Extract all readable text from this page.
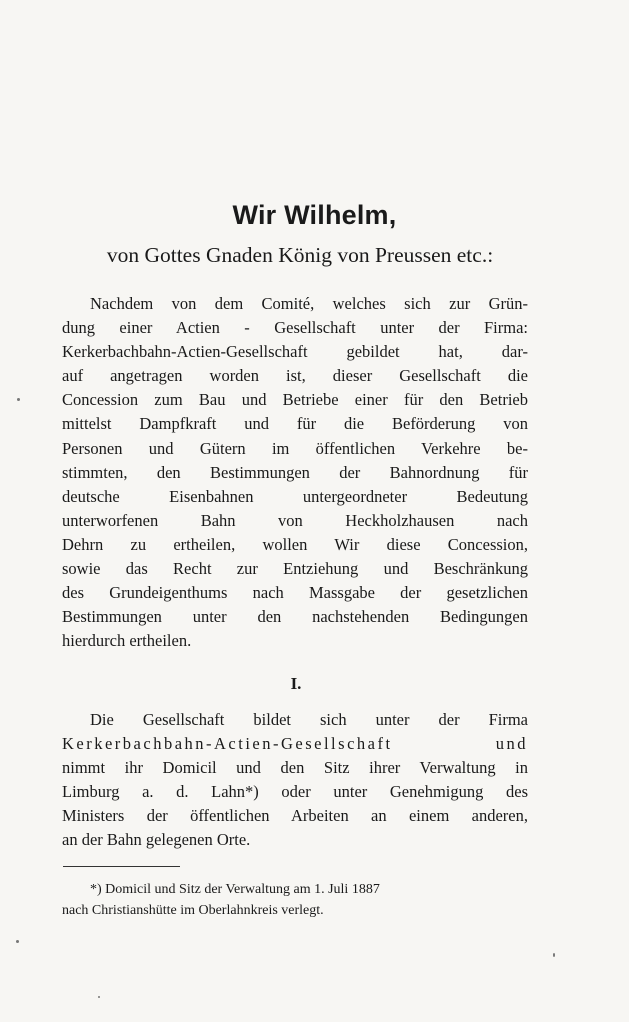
Wir Wilhelm,
von Gottes Gnaden König von Preussen etc.:
Nachdem von dem Comité, welches sich zur Grün-
dung einer Actien - Gesellschaft unter der Firma:
Kerkerbachbahn-Actien-Gesellschaft gebildet hat, dar-
auf angetragen worden ist, dieser Gesellschaft die
Concession zum Bau und Betriebe einer für den Betrieb
mittelst Dampfkraft und für die Beförderung von
Personen und Gütern im öffentlichen Verkehre be-
stimmten, den Bestimmungen der Bahnordnung für
deutsche Eisenbahnen untergeordneter Bedeutung
unterworfenen Bahn von Heckholzhausen nach
Dehrn zu ertheilen, wollen Wir diese Concession,
sowie das Recht zur Entziehung und Beschränkung
des Grundeigenthums nach Massgabe der gesetzlichen
Bestimmungen unter den nachstehenden Bedingungen
hierdurch ertheilen.
I.
Die Gesellschaft bildet sich unter der Firma
Kerkerbachbahn-Actien-Gesellschaft und
nimmt ihr Domicil und den Sitz ihrer Verwaltung in
Limburg a. d. Lahn*) oder unter Genehmigung des
Ministers der öffentlichen Arbeiten an einem anderen,
an der Bahn gelegenen Orte.
*) Domicil und Sitz der Verwaltung am 1. Juli 1887
nach Christianshütte im Oberlahnkreis verlegt.
